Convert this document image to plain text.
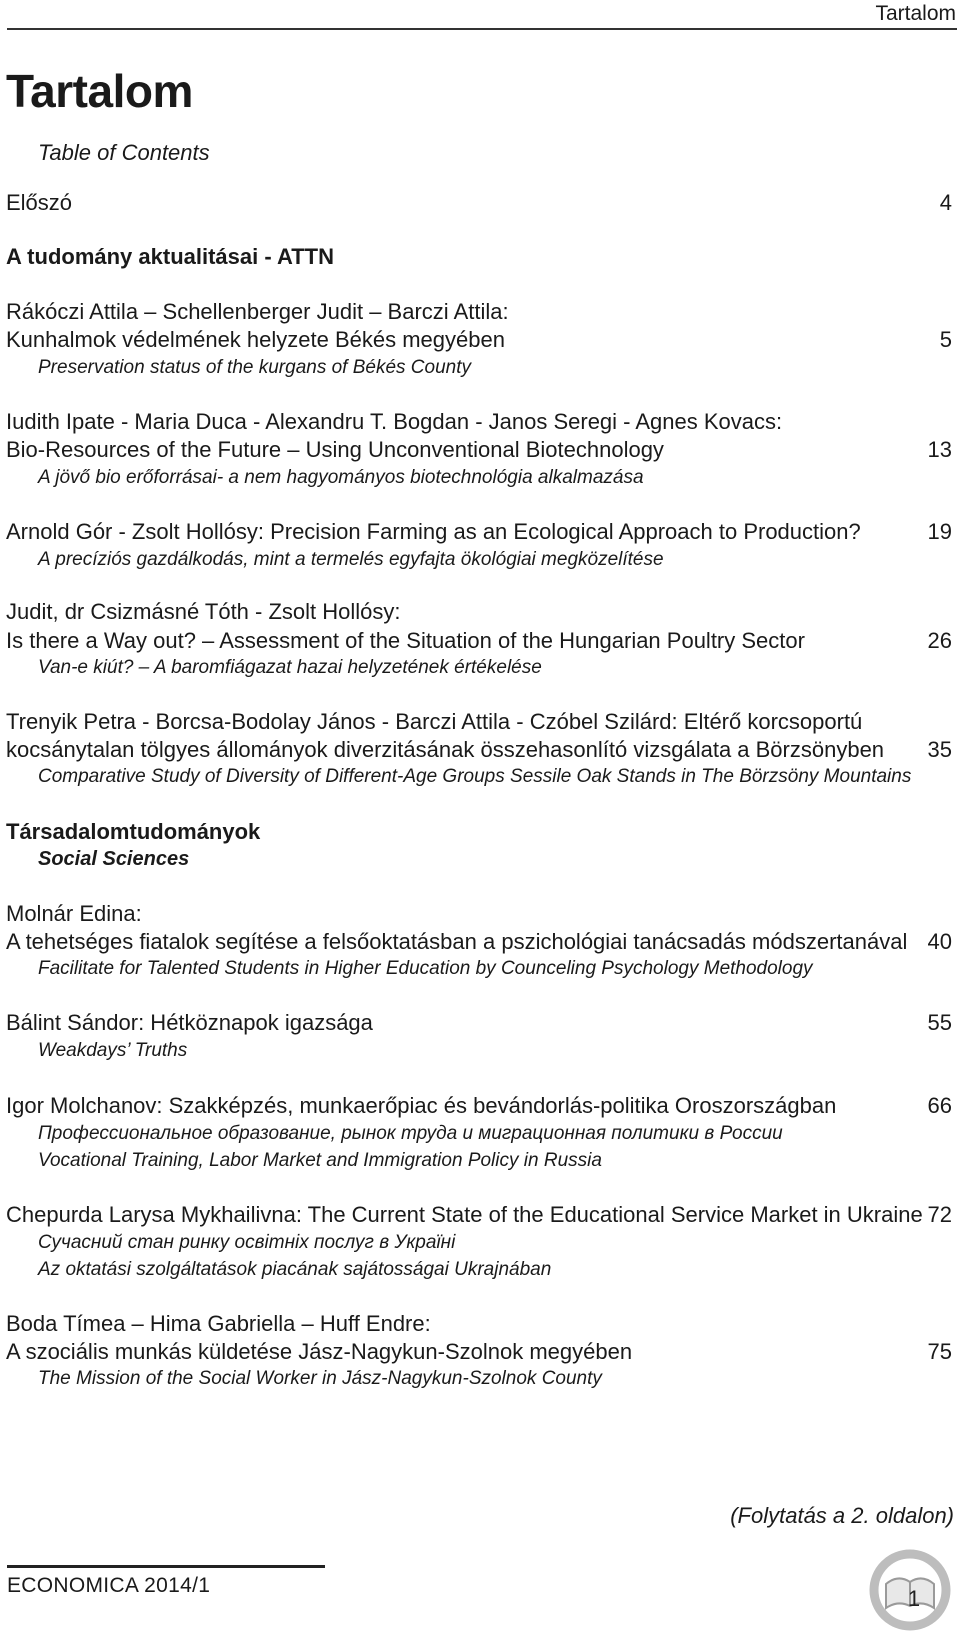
Tartalom
Tartalom
Table of Contents
Előszó	4
A tudomány aktualitásai - ATTN
Rákóczi Attila – Schellenberger Judit – Barczi Attila:
Kunhalmok védelmének helyzete Békés megyében	5
Preservation status of the kurgans of Békés County
Iudith Ipate - Maria Duca - Alexandru T. Bogdan - Janos Seregi - Agnes Kovacs:
Bio-Resources of the Future – Using Unconventional Biotechnology	13
A jövő bio erőforrásai- a nem hagyományos biotechnológia alkalmazása
Arnold Gór - Zsolt Hollósy: Precision Farming as an Ecological Approach to Production?	19
A precíziós gazdálkodás, mint a termelés egyfajta ökológiai megközelítése
Judit, dr Csizmásné Tóth - Zsolt Hollósy:
Is there a Way out? – Assessment of the Situation of the Hungarian Poultry Sector	26
Van-e kiút? – A baromfiágazat hazai helyzetének értékelése
Trenyik Petra - Borcsa-Bodolay János - Barczi Attila - Czóbel Szilárd: Eltérő korcsoportú
kocsánytalan tölgyes állományok diverzitásának összehasonlító vizsgálata a Börzsönyben 35
Comparative Study of Diversity of Different-Age Groups Sessile Oak Stands in The Börzsöny Mountains
Társadalomtudományok
Social Sciences
Molnár Edina:
A tehetséges fiatalok segítése a felsőoktatásban a pszichológiai tanácsadás módszertanával 40
Facilitate for Talented Students in Higher Education by Counceling Psychology Methodology
Bálint Sándor: Hétköznapok igazsága	55
Weakdays’ Truths
Igor Molchanov: Szakképzés, munkaerőpiac és bevándorlás-politika Oroszországban	66
Профессиональное образование, рынок труда и миграционная политики в России
Vocational Training, Labor Market and Immigration Policy in Russia
Chepurda Larysa Mykhailivna: The Current State of the Educational Service Market in Ukraine 72
Сучасний стан ринку освітніх послуг в Україні
Az oktatási szolgáltatások piacának sajátosságai Ukrajnában
Boda Tímea – Hima Gabriella – Huff Endre:
A szociális munkás küldetése Jász-Nagykun-Szolnok megyében	75
The Mission of the Social Worker in Jász-Nagykun-Szolnok County
(Folytatás a 2. oldalon)
ECONOMICA 2014/1
1
